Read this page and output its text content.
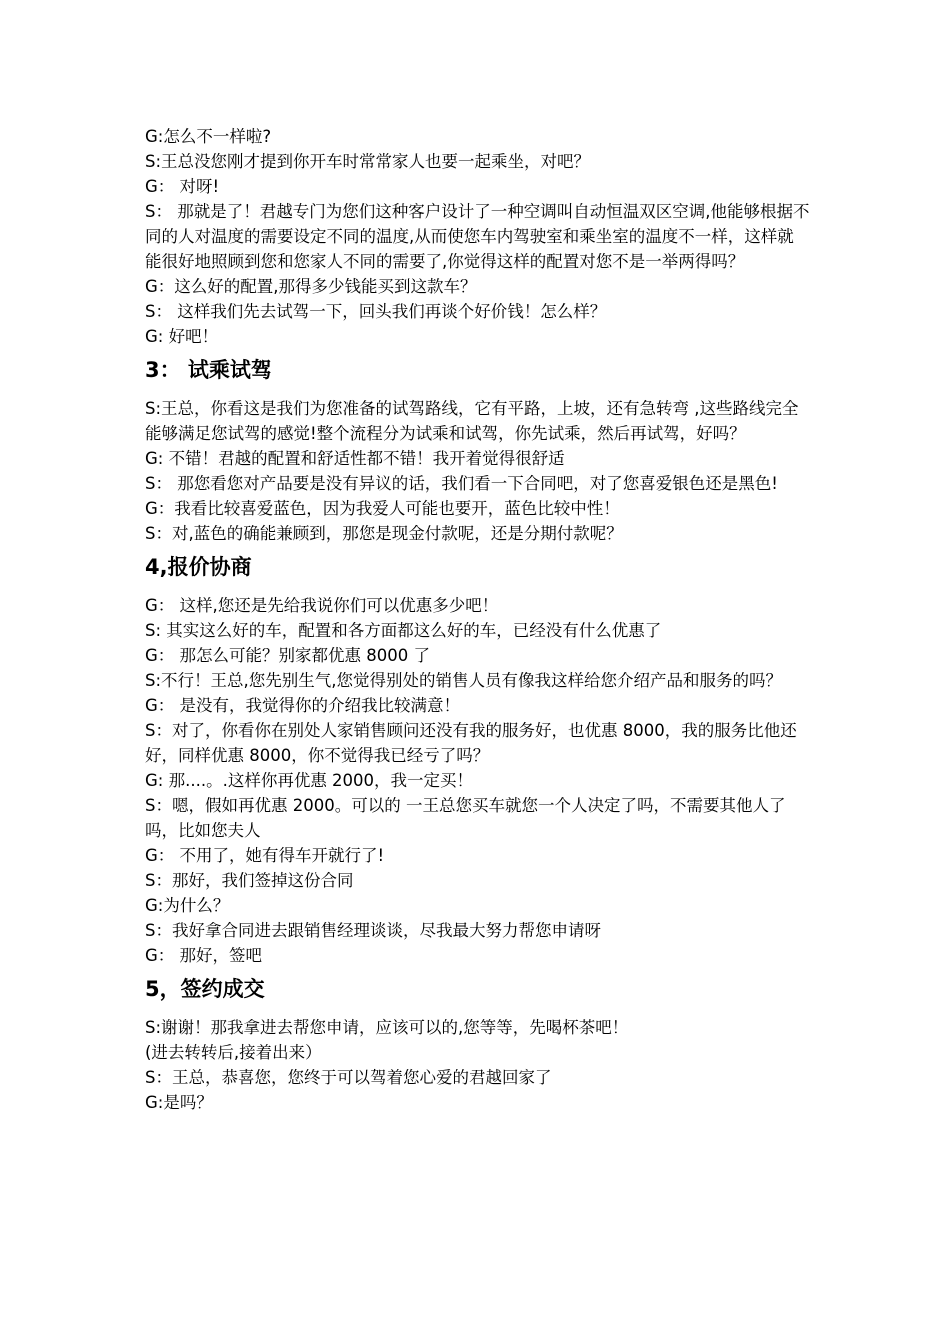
G:怎么不一样啦?

S:王总没您刚才提到你开车时常常家人也要一起乘坐，对吧？

G： 对呀!

S： 那就是了！君越专门为您们这种客户设计了一种空调叫自动恒温双区空调,他能够根据不同的人对温度的需要设定不同的温度,从而使您车内驾驶室和乘坐室的温度不一样，这样就能很好地照顾到您和您家人不同的需要了,你觉得这样的配置对您不是一举两得吗？

G：这么好的配置,那得多少钱能买到这款车？

S： 这样我们先去试驾一下，回头我们再谈个好价钱！怎么样？

G: 好吧！

3： 试乘试驾

S:王总，你看这是我们为您准备的试驾路线，它有平路，上坡，还有急转弯 ,这些路线完全能够满足您试驾的感觉!整个流程分为试乘和试驾，你先试乘，然后再试驾，好吗？

G: 不错！君越的配置和舒适性都不错！我开着觉得很舒适

S： 那您看您对产品要是没有异议的话，我们看一下合同吧，对了您喜爱银色还是黑色!

G：我看比较喜爱蓝色，因为我爱人可能也要开，蓝色比较中性！

S：对,蓝色的确能兼顾到，那您是现金付款呢，还是分期付款呢？

4,报价协商

G： 这样,您还是先给我说你们可以优惠多少吧！

S: 其实这么好的车，配置和各方面都这么好的车，已经没有什么优惠了

G： 那怎么可能？别家都优惠 8000 了

S:不行！王总,您先别生气,您觉得别处的销售人员有像我这样给您介绍产品和服务的吗？

G： 是没有，我觉得你的介绍我比较满意！

S：对了，你看你在别处人家销售顾问还没有我的服务好，也优惠 8000，我的服务比他还好，同样优惠 8000，你不觉得我已经亏了吗？

G: 那....。.这样你再优惠 2000，我一定买！

S：嗯，假如再优惠 2000。可以的 一王总您买车就您一个人决定了吗，不需要其他人了吗，比如您夫人

G： 不用了，她有得车开就行了!

S：那好，我们签掉这份合同

G:为什么？

S：我好拿合同进去跟销售经理谈谈，尽我最大努力帮您申请呀

G： 那好，签吧

5，签约成交

S:谢谢！那我拿进去帮您申请，应该可以的,您等等，先喝杯茶吧！

(进去转转后,接着出来）

S：王总，恭喜您，您终于可以驾着您心爱的君越回家了

G:是吗？
